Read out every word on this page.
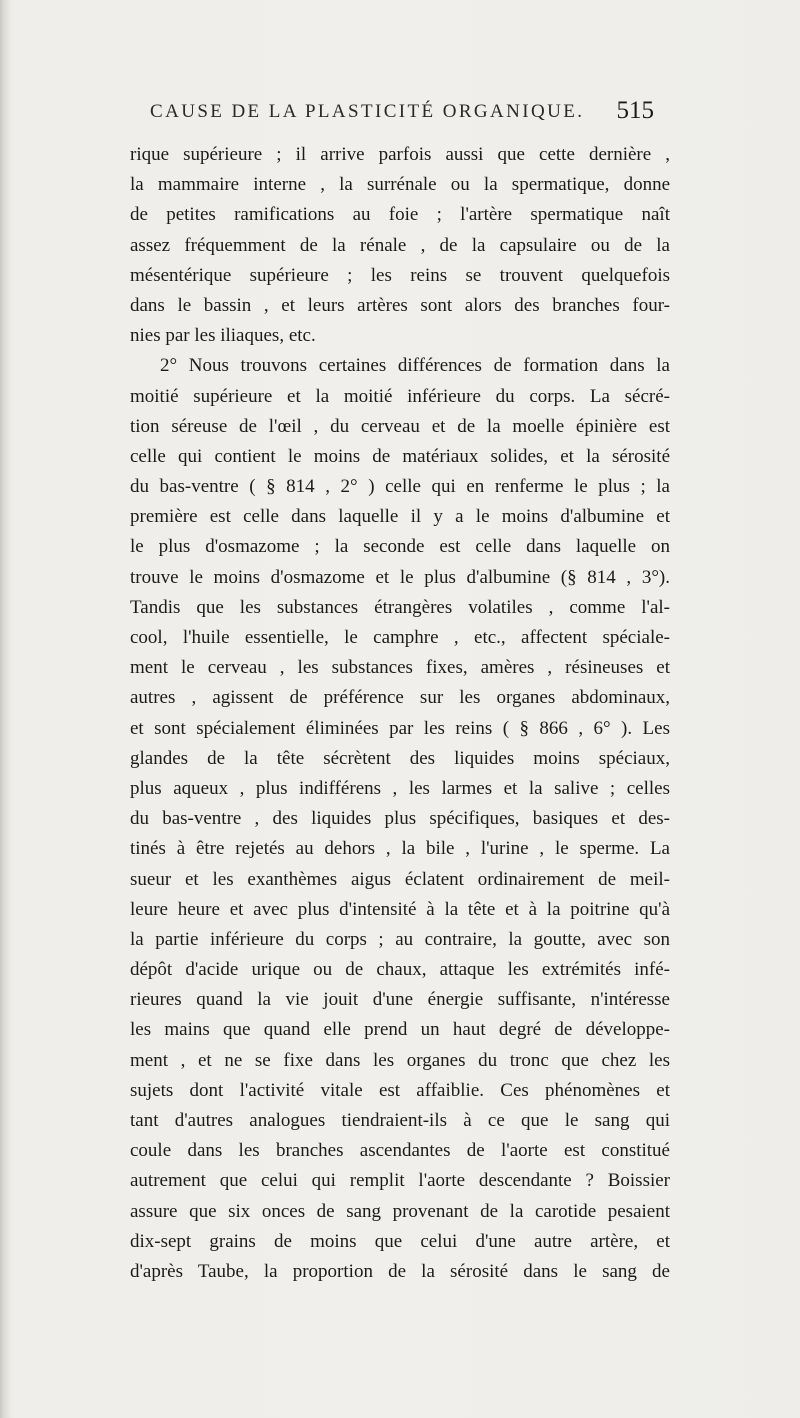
CAUSE DE LA PLASTICITÉ ORGANIQUE.	515
rique supérieure ; il arrive parfois aussi que cette dernière ,
la mammaire interne , la surrénale ou la spermatique, donne
de petites ramifications au foie ; l'artère spermatique naît
assez fréquemment de la rénale , de la capsulaire ou de la
mésentérique supérieure ; les reins se trouvent quelquefois
dans le bassin , et leurs artères sont alors des branches four-
nies par les iliaques, etc.
2° Nous trouvons certaines différences de formation dans la
moitié supérieure et la moitié inférieure du corps. La sécré-
tion séreuse de l'œil , du cerveau et de la moelle épinière est
celle qui contient le moins de matériaux solides, et la sérosité
du bas-ventre ( § 814 , 2° ) celle qui en renferme le plus ; la
première est celle dans laquelle il y a le moins d'albumine et
le plus d'osmazome ; la seconde est celle dans laquelle on
trouve le moins d'osmazome et le plus d'albumine (§ 814 , 3°).
Tandis que les substances étrangères volatiles , comme l'al-
cool, l'huile essentielle, le camphre , etc., affectent spéciale-
ment le cerveau , les substances fixes, amères , résineuses et
autres , agissent de préférence sur les organes abdominaux,
et sont spécialement éliminées par les reins ( § 866 , 6° ). Les
glandes de la tête sécrètent des liquides moins spéciaux,
plus aqueux , plus indifférens , les larmes et la salive ; celles
du bas-ventre , des liquides plus spécifiques, basiques et des-
tinés à être rejetés au dehors , la bile , l'urine , le sperme. La
sueur et les exanthèmes aigus éclatent ordinairement de meil-
leure heure et avec plus d'intensité à la tête et à la poitrine qu'à
la partie inférieure du corps ; au contraire, la goutte, avec son
dépôt d'acide urique ou de chaux, attaque les extrémités infé-
rieures quand la vie jouit d'une énergie suffisante, n'intéresse
les mains que quand elle prend un haut degré de développe-
ment , et ne se fixe dans les organes du tronc que chez les
sujets dont l'activité vitale est affaiblie. Ces phénomènes et
tant d'autres analogues tiendraient-ils à ce que le sang qui
coule dans les branches ascendantes de l'aorte est constitué
autrement que celui qui remplit l'aorte descendante ? Boissier
assure que six onces de sang provenant de la carotide pesaient
dix-sept grains de moins que celui d'une autre artère, et
d'après Taube, la proportion de la sérosité dans le sang de
